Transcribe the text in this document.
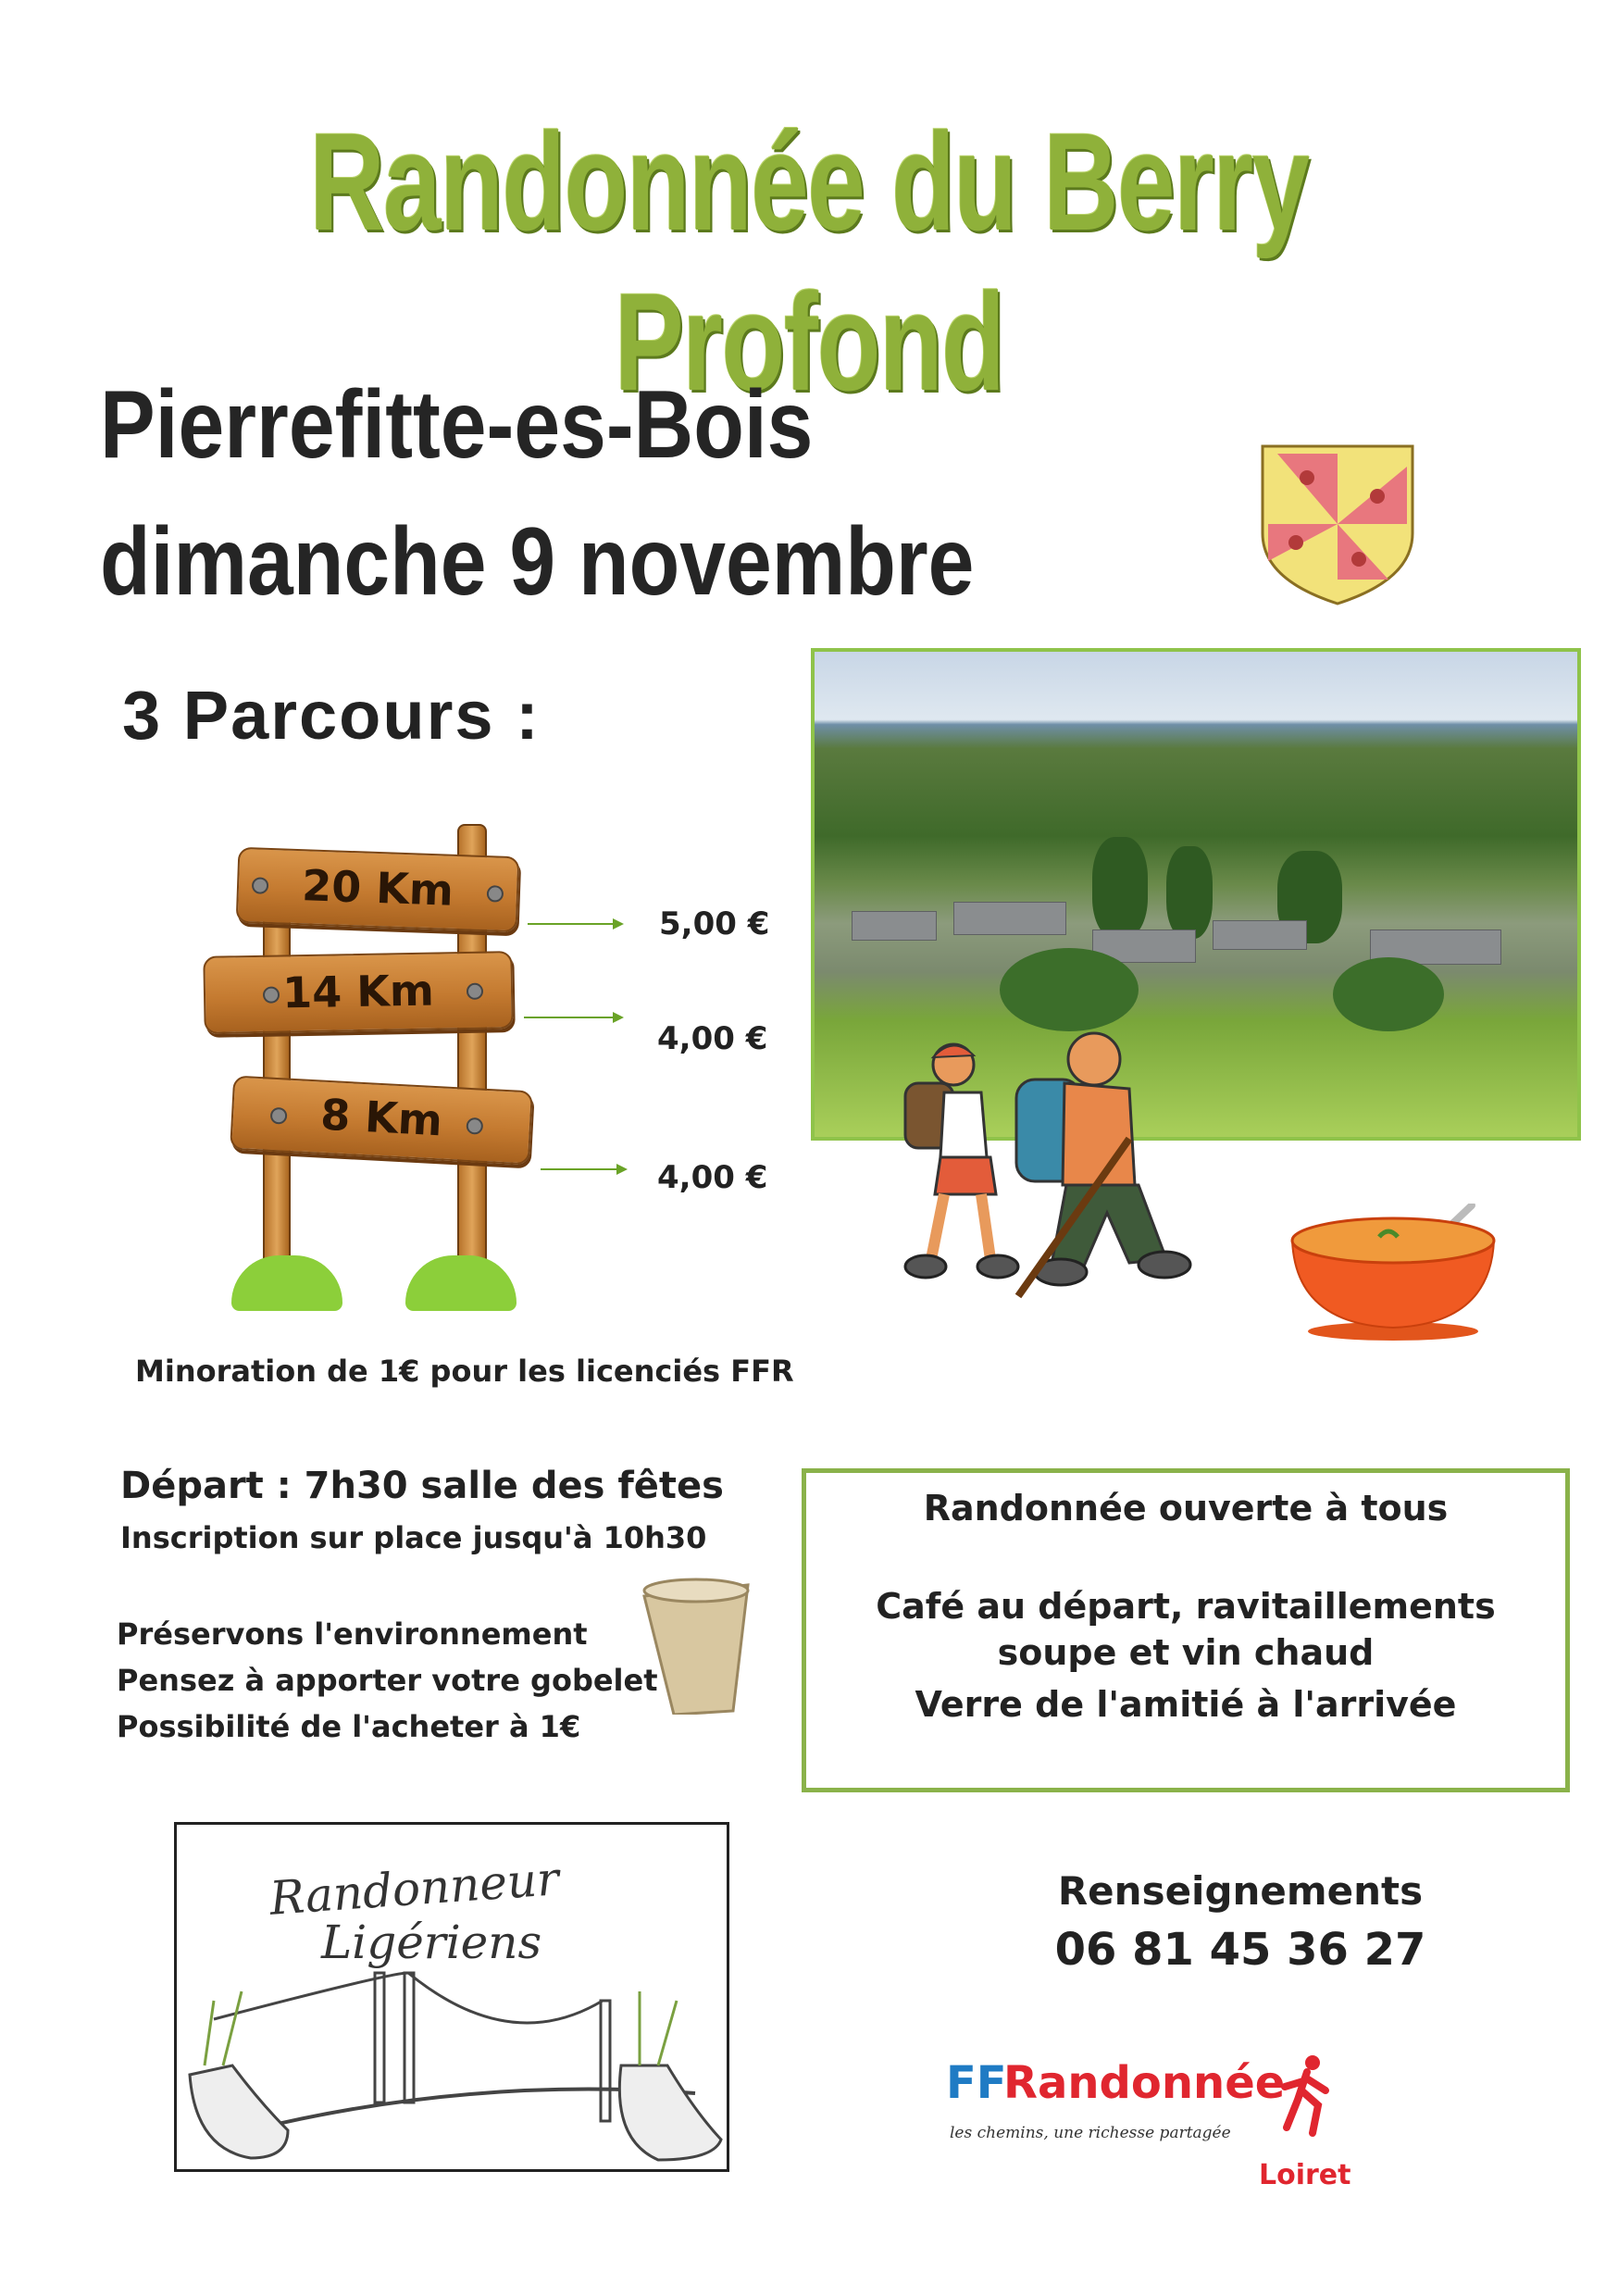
Randonnée du Berry Profond
Pierrefitte-es-Bois
dimanche 9 novembre
3 Parcours :
20 Km
14 Km
8 Km
5,00 €
4,00 €
4,00 €
Minoration de 1€ pour les licenciés FFR
Départ : 7h30 salle des fêtes
Inscription sur place jusqu'à 10h30
Préservons l'environnement
Pensez à apporter votre gobelet
Possibilité de l'acheter à 1€
Randonnée ouverte à tous
Café au départ, ravitaillements
soupe et vin chaud
Verre de l'amitié à l'arrivée
Randonneur
Ligériens
Renseignements
06 81 45 36 27
FF
Randonnée
les chemins, une richesse partagée
Loiret
